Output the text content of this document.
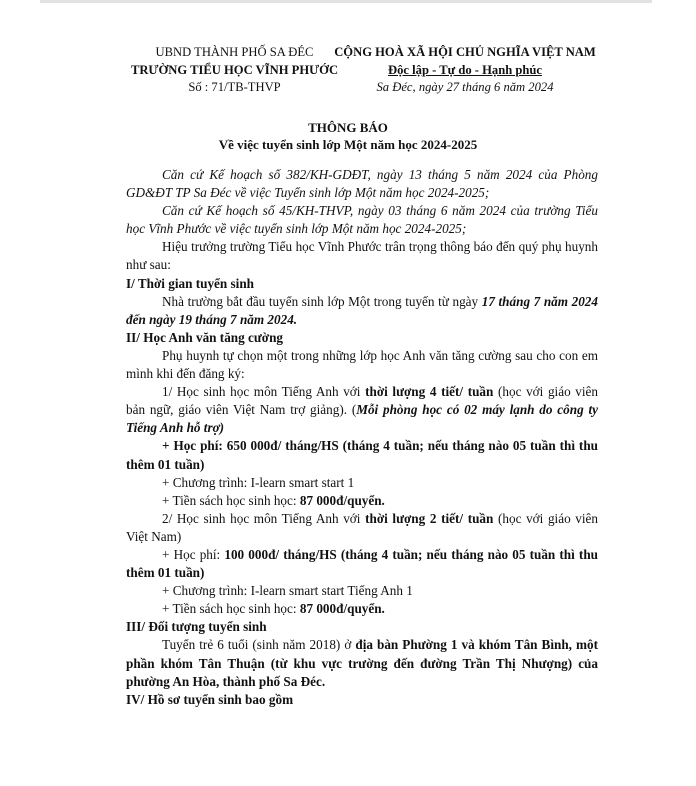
UBND THÀNH PHỐ SA ĐÉC
TRƯỜNG TIỂU HỌC VĨNH PHƯỚC
Số : 71/TB-THVP
CỘNG HOÀ XÃ HỘI CHỦ NGHĨA VIỆT NAM
Độc lập - Tự do - Hạnh phúc
Sa Đéc, ngày 27 tháng 6 năm 2024
THÔNG BÁO
Về việc tuyển sinh lớp Một năm học 2024-2025

Căn cứ Kế hoạch số 382/KH-GDĐT, ngày 13 tháng 5 năm 2024 của Phòng GD&ĐT TP Sa Đéc về việc Tuyển sinh lớp Một năm học 2024-2025;

Căn cứ Kế hoạch số 45/KH-THVP, ngày 03 tháng 6 năm 2024 của trường Tiểu học Vĩnh Phước về việc tuyển sinh lớp Một năm học 2024-2025;

Hiệu trưởng trường Tiểu học Vĩnh Phước trân trọng thông báo đến quý phụ huynh như sau:

I/ Thời gian tuyển sinh

Nhà trường bắt đầu tuyển sinh lớp Một trong tuyến từ ngày 17 tháng 7 năm 2024 đến ngày 19 tháng 7 năm 2024.

II/ Học Anh văn tăng cường

Phụ huynh tự chọn một trong những lớp học Anh văn tăng cường sau cho con em mình khi đến đăng ký:

1/ Học sinh học môn Tiếng Anh với thời lượng 4 tiết/ tuần (học với giáo viên bản ngữ, giáo viên Việt Nam trợ giảng). (Mỗi phòng học có 02 máy lạnh do công ty Tiếng Anh hỗ trợ)

+ Học phí: 650 000đ/ tháng/HS (tháng 4 tuần; nếu tháng nào 05 tuần thì thu thêm 01 tuần)

+ Chương trình: I-learn smart start 1

+ Tiền sách học sinh học: 87 000đ/quyển.

2/ Học sinh học môn Tiếng Anh với thời lượng 2 tiết/ tuần (học với giáo viên Việt Nam)

+ Học phí: 100 000đ/ tháng/HS (tháng 4 tuần; nếu tháng nào 05 tuần thì thu thêm 01 tuần)

+ Chương trình: I-learn smart start Tiếng Anh 1

+ Tiền sách học sinh học: 87 000đ/quyển.

III/ Đối tượng tuyển sinh

Tuyển trẻ 6 tuổi (sinh năm 2018) ở địa bàn Phường 1 và khóm Tân Bình, một phần khóm Tân Thuận (từ khu vực trường đến đường Trần Thị Nhượng) của phường An Hòa, thành phố Sa Đéc.

IV/ Hồ sơ tuyển sinh bao gồm
